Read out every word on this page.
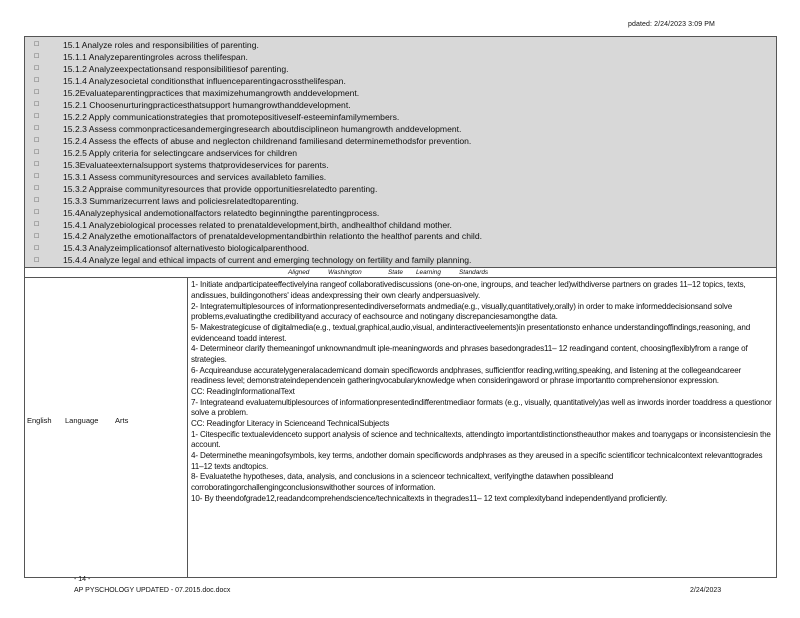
pdated: 2/24/2023 3:09 PM
15.1 Analyze roles and responsibilities of parenting.
15.1.1 Analyzeparentingroles across thelifespan.
15.1.2 Analyzeexpectationsand responsibilitiesof parenting.
15.1.4 Analyzesocietal conditionsthat influenceparentingacrossthelifespan.
15.2Evaluateparentingpractices that maximizehumangrowth anddevelopment.
15.2.1 Choosenurturingpracticesthatsupport humangrowthanddevelopment.
15.2.2 Apply communicationstrategies that promotepositiveself-esteeminfamilymembers.
15.2.3 Assess commonpracticesandemergingresearch aboutdisciplineon humangrowth anddevelopment.
15.2.4 Assess the effects of abuse and neglecton childrenand familiesand determinemethodsfor prevention.
15.2.5 Apply criteria for selectingcare andservices for children
15.3Evaluateexternalsupport systems thatprovideservices for parents.
15.3.1 Assess communityresources and services availableto families.
15.3.2 Appraise communityresources that provide opportunitiesrelatedto parenting.
15.3.3 Summarizecurrent laws and policiesrelatedtoparenting.
15.4Analyzephysical andemotionalfactors relatedto beginningthe parentingprocess.
15.4.1 Analyzebiological processes related to prenataldevelopment,birth, andhealthof childand mother.
15.4.2 Analyzethe emotionalfactors of prenataldevelopmentandbirthin relationto the healthof parents and child.
15.4.3 Analyzeimplicationsof alternativesto biologicalparenthood.
15.4.4 Analyze legal and ethical impacts of current and emerging technology on fertility and family planning.
Aligned	Washington	State Learning	Standards
English Language Arts

1- Initiate andparticipateeffectivelyina rangeof collaborativediscussions (one-on-one, ingroups, and teacher led)withdiverse partners on grades 11–12 topics, texts, andissues, buildingonothers' ideas andexpressing their own clearly andpersuasively.

2- Integratemultiplesources of informationpresentedindiverseformats andmedia(e.g., visually,quantitatively,orally) in order to make informeddecisionsand solve problems,evaluatingthe credibilityand accuracy of eachsource and notingany discrepanciesamongthe data.

5- Makestrategicuse of digitalmedia(e.g., textual,graphical,audio,visual, andinteractiveelements)in presentationsto enhance understandingoffindings,reasoning, and evidenceand toadd interest.

4- Determineor clarify themeaningof unknownandmult iple-meaningwords and phrases basedongrades11– 12 readingand content, choosingflexiblyfrom a range of strategies.

6- Acquireanduse accuratelygeneralacademicand domain specificwords andphrases, sufficientfor reading,writing,speaking, and listening at the collegeandcareer readiness level; demonstrateindependencein gatheringvocabularyknowledge when consideringaword or phrase importantto comprehensionor expression.

CC: ReadingInformationalText

7- Integrateand evaluatemultiplesources of informationpresentedindifferentmediaor formats (e.g., visually, quantitatively)as well as inwords inorder toaddress a questionor solve a problem.

CC: Readingfor Literacy in Scienceand TechnicalSubjects

1- Citespecific textualevidenceto support analysis of science and technicaltexts, attendingto importantdistinctionstheauthor makes and toanygaps or inconsistenciesin the account.

4- Determinethe meaningofsymbols, key terms, andother domain specificwords andphrases as they areused in a specific scientificor technicalcontext relevanttogrades

11–12 texts andtopics.

8- Evaluatethe hypotheses, data, analysis, and conclusions in a scienceor technicaltext, verifyingthe datawhen possibleand corroboratingorchallengingconclusionswithother sources of information.

10- By theendofgrade12,readandcomprehendscience/technicaltexts in thegrades11– 12 text complexityband independentlyand proficiently.

- 14 -
AP PYSCHOLOGY UPDATED - 07.2015.doc.docx	2/24/2023
